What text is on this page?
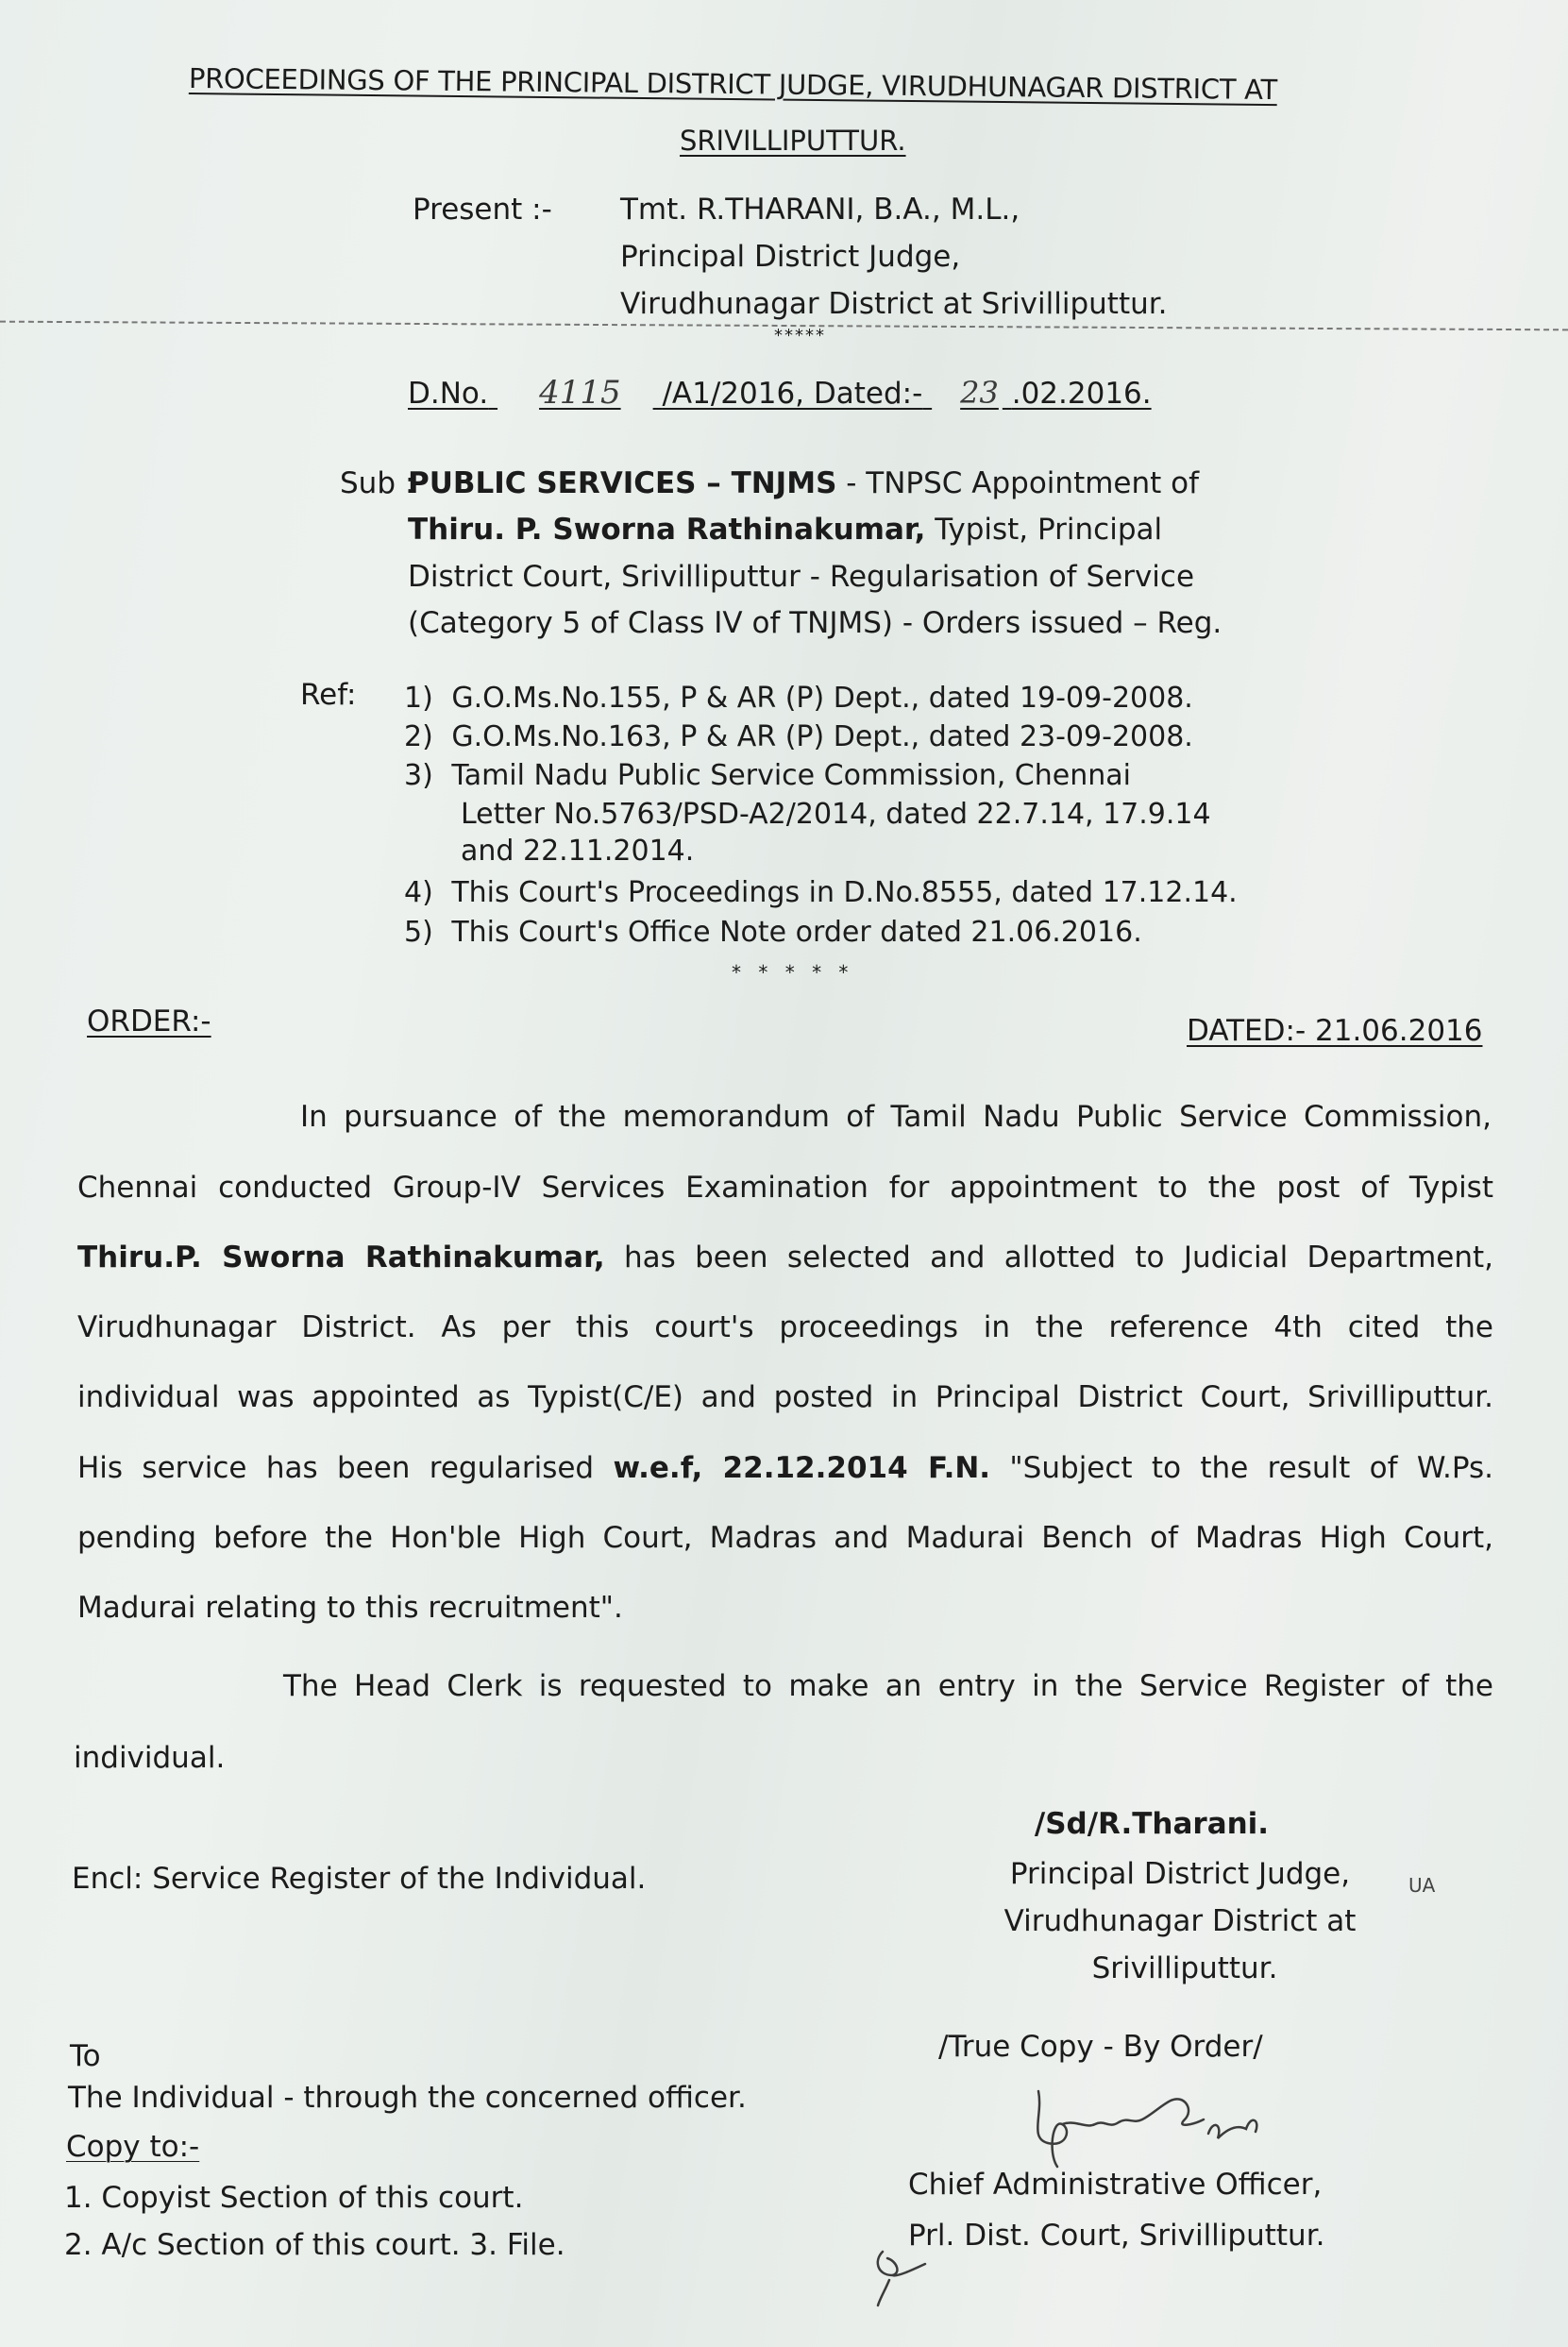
PROCEEDINGS OF THE PRINCIPAL DISTRICT JUDGE, VIRUDHUNAGAR DISTRICT AT
SRIVILLIPUTTUR.
Present :- Tmt. R.THARANI, B.A., M.L.,
Principal District Judge,
Virudhunagar District at Srivilliputtur.
*****
D.No. 4115 /A1/2016, Dated:- 23 .02.2016.
Sub :
PUBLIC SERVICES – TNJMS - TNPSC Appointment of
Thiru. P. Sworna Rathinakumar, Typist, Principal
District Court, Srivilliputtur - Regularisation of Service
(Category 5 of Class IV of TNJMS) - Orders issued – Reg.
Ref: 1) G.O.Ms.No.155, P & AR (P) Dept., dated 19-09-2008.
2) G.O.Ms.No.163, P & AR (P) Dept., dated 23-09-2008.
3) Tamil Nadu Public Service Commission, Chennai
Letter No.5763/PSD-A2/2014, dated 22.7.14, 17.9.14
and 22.11.2014.
4) This Court's Proceedings in D.No.8555, dated 17.12.14.
5) This Court's Office Note order dated 21.06.2016.
* * * * *
ORDER:-	DATED:- 21.06.2016
In pursuance of the memorandum of Tamil Nadu Public Service Commission,
Chennai conducted Group-IV Services Examination for appointment to the post of Typist
Thiru.P. Sworna Rathinakumar, has been selected and allotted to Judicial Department,
Virudhunagar District. As per this court's proceedings in the reference 4th cited the
individual was appointed as Typist(C/E) and posted in Principal District Court, Srivilliputtur.
His service has been regularised w.e.f, 22.12.2014 F.N. "Subject to the result of W.Ps.
pending before the Hon'ble High Court, Madras and Madurai Bench of Madras High Court,
Madurai relating to this recruitment".
The Head Clerk is requested to make an entry in the Service Register of the
individual.
/Sd/R.Tharani.
Principal District Judge,	UA
Virudhunagar District at
Srivilliputtur.
Encl: Service Register of the Individual.
To
The Individual - through the concerned officer.
Copy to:-
1. Copyist Section of this court.
2. A/c Section of this court. 3. File.
/True Copy - By Order/
Chief Administrative Officer,
Prl. Dist. Court, Srivilliputtur.
